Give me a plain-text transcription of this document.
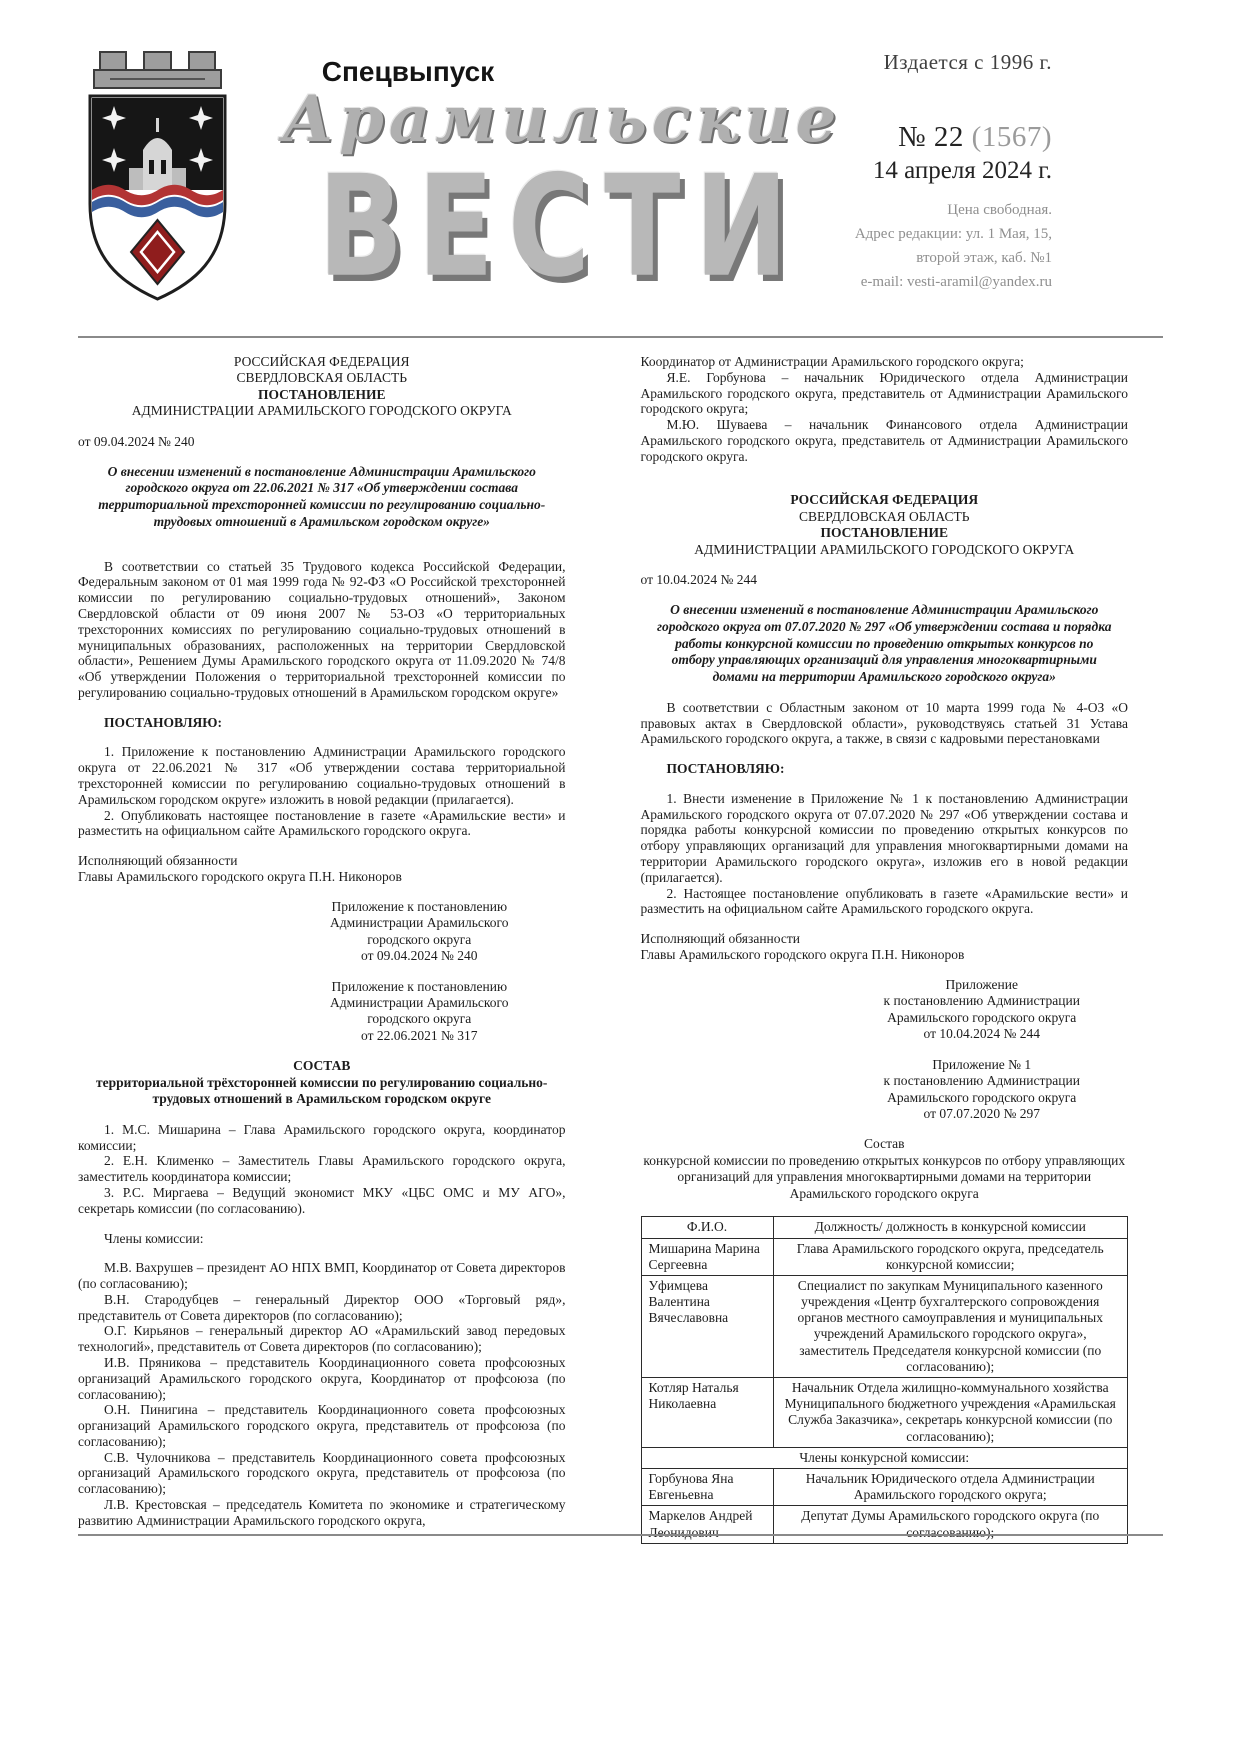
Спецвыпуск
Арамильские
ВЕСТИ
Издается с 1996 г.
№ 22 (1567)
14 апреля 2024 г.
Цена свободная.
Адрес редакции: ул. 1 Мая, 15,
второй этаж, каб. №1
e-mail: vesti-aramil@yandex.ru
РОССИЙСКАЯ ФЕДЕРАЦИЯ
СВЕРДЛОВСКАЯ ОБЛАСТЬ
ПОСТАНОВЛЕНИЕ
АДМИНИСТРАЦИИ АРАМИЛЬСКОГО ГОРОДСКОГО ОКРУГА

от 09.04.2024 № 240

О внесении изменений в постановление Администрации Арамильского городского округа от 22.06.2021 № 317 «Об утверждении состава территориальной трехсторонней комиссии по регулированию социально-трудовых отношений в Арамильском городском округе»

В соответствии со статьей 35 Трудового кодекса Российской Федерации, Федеральным законом от 01 мая 1999 года № 92-ФЗ «О Российской трехсторонней комиссии по регулированию социально-трудовых отношений», Законом Свердловской области от 09 июня 2007 № 53-ОЗ «О территориальных трехсторонних комиссиях по регулированию социально-трудовых отношений в муниципальных образованиях, расположенных на территории Свердловской области», Решением Думы Арамильского городского округа от 11.09.2020 № 74/8 «Об утверждении Положения о территориальной трехсторонней комиссии по регулированию социально-трудовых отношений в Арамильском городском округе»

ПОСТАНОВЛЯЮ:

1. Приложение к постановлению Администрации Арамильского городского округа от 22.06.2021 № 317 «Об утверждении состава территориальной трехсторонней комиссии по регулированию социально-трудовых отношений в Арамильском городском округе» изложить в новой редакции (прилагается).

2. Опубликовать настоящее постановление в газете «Арамильские вести» и разместить на официальном сайте Арамильского городского округа.

Исполняющий обязанности

Главы Арамильского городского округа П.Н. Никоноров

Приложение к постановлению
Администрации Арамильского
городского округа
от 09.04.2024 № 240
Приложение к постановлению
Администрации Арамильского
городского округа
от 22.06.2021 № 317

СОСТАВ

территориальной трёхсторонней комиссии по регулированию социально-трудовых отношений в Арамильском городском округе

1. М.С. Мишарина – Глава Арамильского городского округа, координатор комиссии;

2. Е.Н. Клименко – Заместитель Главы Арамильского городского округа, заместитель координатора комиссии;

3. Р.С. Миргаева – Ведущий экономист МКУ «ЦБС ОМС и МУ АГО», секретарь комиссии (по согласованию).

Члены комиссии:

М.В. Вахрушев – президент АО НПХ ВМП, Координатор от Совета директоров (по согласованию);

В.Н. Стародубцев – генеральный Директор ООО «Торговый ряд», представитель от Совета директоров (по согласованию);

О.Г. Кирьянов – генеральный директор АО «Арамильский завод передовых технологий», представитель от Совета директоров (по согласованию);

И.В. Пряникова – представитель Координационного совета профсоюзных организаций Арамильского городского округа, Координатор от профсоюза (по согласованию);

О.Н. Пинигина – представитель Координационного совета профсоюзных организаций Арамильского городского округа, представитель от профсоюза (по согласованию);

С.В. Чулочникова – представитель Координационного совета профсоюзных организаций Арамильского городского округа, представитель от профсоюза (по согласованию);

Л.В. Крестовская – председатель Комитета по экономике и стратегическому развитию Администрации Арамильского городского округа,

Координатор от Администрации Арамильского городского округа;

Я.Е. Горбунова – начальник Юридического отдела Администрации Арамильского городского округа, представитель от Администрации Арамильского городского округа;

М.Ю. Шуваева – начальник Финансового отдела Администрации Арамильского городского округа, представитель от Администрации Арамильского городского округа.

РОССИЙСКАЯ ФЕДЕРАЦИЯ
СВЕРДЛОВСКАЯ ОБЛАСТЬ
ПОСТАНОВЛЕНИЕ
АДМИНИСТРАЦИИ АРАМИЛЬСКОГО ГОРОДСКОГО ОКРУГА

от 10.04.2024 № 244

О внесении изменений в постановление Администрации Арамильского городского округа от 07.07.2020 № 297 «Об утверждении состава и порядка работы конкурсной комиссии по проведению открытых конкурсов по отбору управляющих организаций для управления многоквартирными домами на территории Арамильского городского округа»

В соответствии с Областным законом от 10 марта 1999 года № 4-ОЗ «О правовых актах в Свердловской области», руководствуясь статьей 31 Устава Арамильского городского округа, а также, в связи с кадровыми перестановками

ПОСТАНОВЛЯЮ:

1. Внести изменение в Приложение № 1 к постановлению Администрации Арамильского городского округа от 07.07.2020 № 297 «Об утверждении состава и порядка работы конкурсной комиссии по проведению открытых конкурсов по отбору управляющих организаций для управления многоквартирными домами на территории Арамильского городского округа», изложив его в новой редакции (прилагается).

2. Настоящее постановление опубликовать в газете «Арамильские вести» и разместить на официальном сайте Арамильского городского округа.

Исполняющий обязанности

Главы Арамильского городского округа П.Н. Никоноров

Приложение
к постановлению Администрации
Арамильского городского округа
от 10.04.2024 № 244
Приложение № 1
к постановлению Администрации
Арамильского городского округа
от 07.07.2020 № 297

Состав

конкурсной комиссии по проведению открытых конкурсов по отбору управляющих организаций для управления многоквартирными домами на территории Арамильского городского округа

Ф.И.О.	Должность/ должность в конкурсной комиссии
Мишарина Марина Сергеевна	Глава Арамильского городского округа, председатель конкурсной комиссии;
Уфимцева Валентина Вячеславовна	Специалист по закупкам Муниципального казенного учреждения «Центр бухгалтерского сопровождения органов местного самоуправления и муниципальных учреждений Арамильского городского округа», заместитель Председателя конкурсной комиссии (по согласованию);
Котляр Наталья Николаевна	Начальник Отдела жилищно-коммунального хозяйства Муниципального бюджетного учреждения «Арамильская Служба Заказчика», секретарь конкурсной комиссии (по согласованию);
Члены конкурсной комиссии:	
Горбунова Яна Евгеньевна	Начальник Юридического отдела Администрации Арамильского городского округа;
Маркелов Андрей Леонидович	Депутат Думы Арамильского городского округа (по согласованию);
